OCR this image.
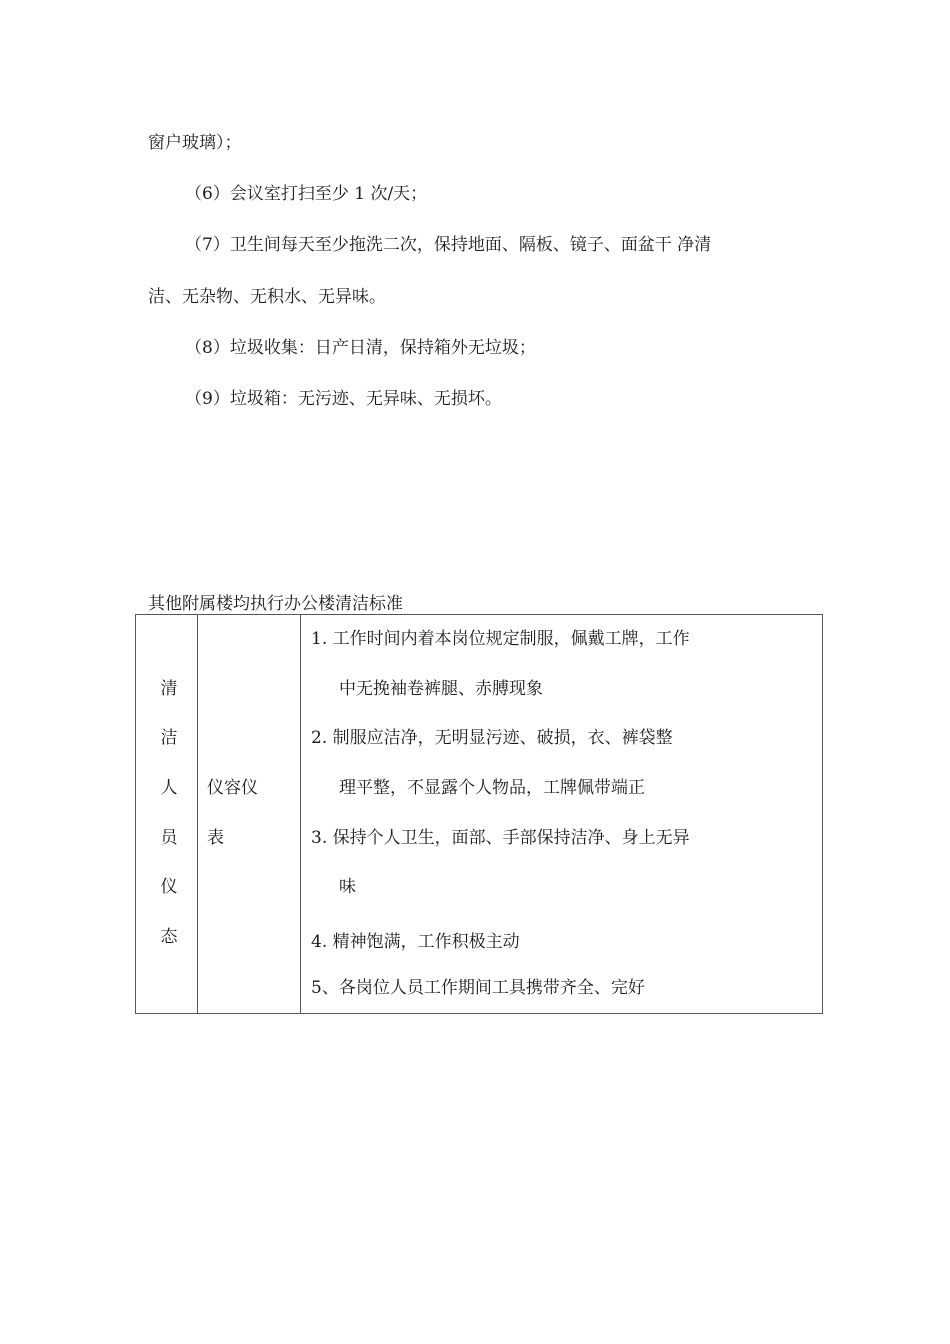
窗户玻璃）；
（6）会议室打扫至少 1 次/天；
（7）卫生间每天至少拖洗二次，保持地面、隔板、镜子、面盆干 净清
洁、无杂物、无积水、无异味。
（8）垃圾收集：日产日清，保持箱外无垃圾；
（9）垃圾箱：无污迹、无异味、无损坏。
其他附属楼均执行办公楼清洁标准
清
洁
人
员
仪
态
仪容仪
表
1. 工作时间内着本岗位规定制服，佩戴工牌，工作
中无挽袖卷裤腿、赤膊现象
2. 制服应洁净，无明显污迹、破损，衣、裤袋整
理平整，不显露个人物品，工牌佩带端正
3. 保持个人卫生，面部、手部保持洁净、身上无异
味
4. 精神饱满，工作积极主动
5、各岗位人员工作期间工具携带齐全、完好
